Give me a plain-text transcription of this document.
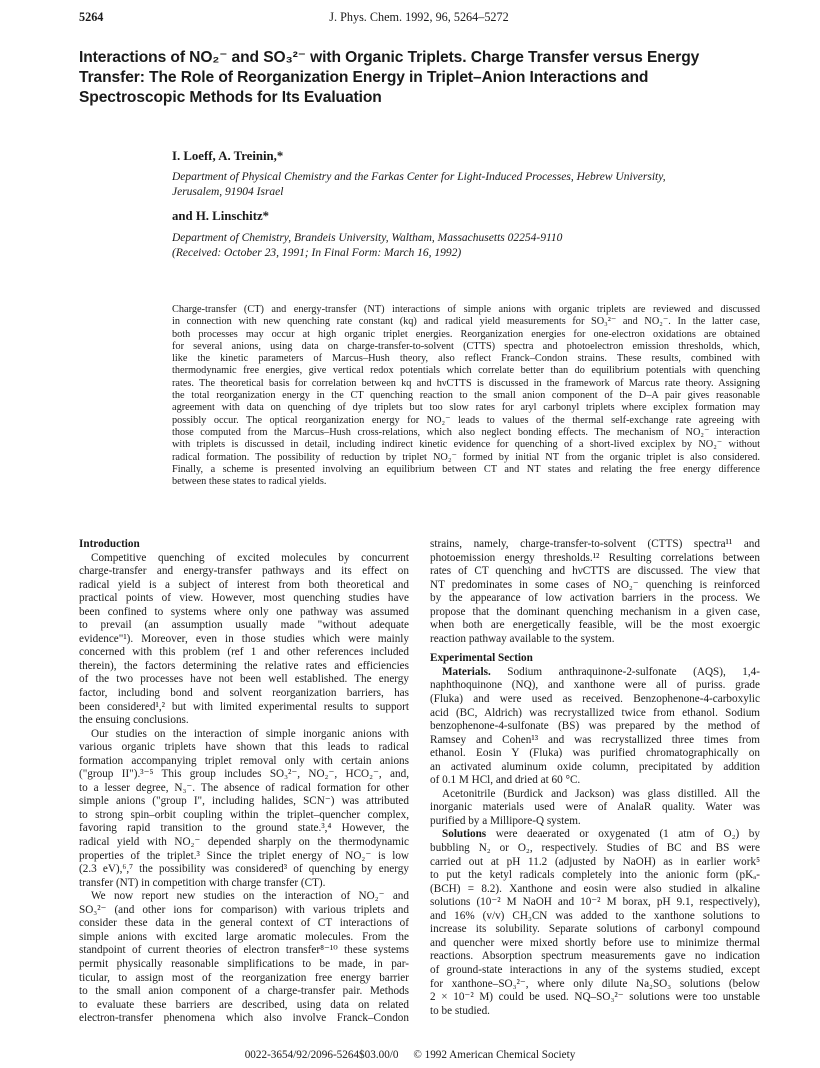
5264	J. Phys. Chem. 1992, 96, 5264–5272
Interactions of NO₂⁻ and SO₃²⁻ with Organic Triplets. Charge Transfer versus Energy
Transfer: The Role of Reorganization Energy in Triplet–Anion Interactions and
Spectroscopic Methods for Its Evaluation
I. Loeff, A. Treinin,*
Department of Physical Chemistry and the Farkas Center for Light-Induced Processes, Hebrew University,
Jerusalem, 91904 Israel
and H. Linschitz*
Department of Chemistry, Brandeis University, Waltham, Massachusetts 02254-9110
(Received: October 23, 1991; In Final Form: March 16, 1992)
Charge-transfer (CT) and energy-transfer (NT) interactions of simple anions with organic triplets are reviewed and discussed
in connection with new quenching rate constant (kq) and radical yield measurements for SO₃²⁻ and NO₂⁻. In the latter case,
both processes may occur at high organic triplet energies. Reorganization energies for one-electron oxidations are obtained
for several anions, using data on charge-transfer-to-solvent (CTTS) spectra and photoelectron emission thresholds, which,
like the kinetic parameters of Marcus–Hush theory, also reflect Franck–Condon strains. These results, combined with
thermodynamic free energies, give vertical redox potentials which correlate better than do equilibrium potentials with quenching
rates. The theoretical basis for correlation between kq and hνCTTS is discussed in the framework of Marcus rate theory. Assigning
the total reorganization energy in the CT quenching reaction to the small anion component of the D–A pair gives reasonable
agreement with data on quenching of dye triplets but too slow rates for aryl carbonyl triplets where exciplex formation may
possibly occur. The optical reorganization energy for NO₂⁻ leads to values of the thermal self-exchange rate agreeing with
those computed from the Marcus–Hush cross-relations, which also neglect bonding effects. The mechanism of NO₂⁻ interaction
with triplets is discussed in detail, including indirect kinetic evidence for quenching of a short-lived exciplex by NO₂⁻ without
radical formation. The possibility of reduction by triplet NO₂⁻ formed by initial NT from the organic triplet is also considered.
Finally, a scheme is presented involving an equilibrium between CT and NT states and relating the free energy difference
between these states to radical yields.
Introduction
Competitive quenching of excited molecules by concurrent
charge-transfer and energy-transfer pathways and its effect on
radical yield is a subject of interest from both theoretical and
practical points of view. However, most quenching studies have
been confined to systems where only one pathway was assumed
to prevail (an assumption usually made "without adequate
evidence"¹). Moreover, even in those studies which were mainly
concerned with this problem (ref 1 and other references included
therein), the factors determining the relative rates and efficiencies
of the two processes have not been well established. The energy
factor, including bond and solvent reorganization barriers, has
been considered¹,² but with limited experimental results to support
the ensuing conclusions.
Our studies on the interaction of simple inorganic anions with
various organic triplets have shown that this leads to radical
formation accompanying triplet removal only with certain anions
("group II").³⁻⁵ This group includes SO₃²⁻, NO₂⁻, HCO₂⁻, and,
to a lesser degree, N₃⁻. The absence of radical formation for other
simple anions ("group I", including halides, SCN⁻) was attributed
to strong spin–orbit coupling within the triplet–quencher complex,
favoring rapid transition to the ground state.³,⁴ However, the
radical yield with NO₂⁻ depended sharply on the thermodynamic
properties of the triplet.³ Since the triplet energy of NO₂⁻ is low
(2.3 eV),⁶,⁷ the possibility was considered³ of quenching by energy
transfer (NT) in competition with charge transfer (CT).
We now report new studies on the interaction of NO₂⁻ and
SO₃²⁻ (and other ions for comparison) with various triplets and
consider these data in the general context of CT interactions of
simple anions with excited large aromatic molecules. From the
standpoint of current theories of electron transfer⁸⁻¹⁰ these systems
permit physically reasonable simplifications to be made, in par-
ticular, to assign most of the reorganization free energy barrier
to the small anion component of a charge-transfer pair. Methods
to evaluate these barriers are described, using data on related
electron-transfer phenomena which also involve Franck–Condon
strains, namely, charge-transfer-to-solvent (CTTS) spectra¹¹ and
photoemission energy thresholds.¹² Resulting correlations between
rates of CT quenching and hνCTTS are discussed. The view that
NT predominates in some cases of NO₂⁻ quenching is reinforced
by the appearance of low activation barriers in the process. We
propose that the dominant quenching mechanism in a given case,
when both are energetically feasible, will be the most exoergic
reaction pathway available to the system.
Experimental Section
Materials. Sodium anthraquinone-2-sulfonate (AQS), 1,4-
naphthoquinone (NQ), and xanthone were all of puriss. grade
(Fluka) and were used as received. Benzophenone-4-carboxylic
acid (BC, Aldrich) was recrystallized twice from ethanol. Sodium
benzophenone-4-sulfonate (BS) was prepared by the method of
Ramsey and Cohen¹³ and was recrystallized three times from
ethanol. Eosin Y (Fluka) was purified chromatographically on
an activated aluminum oxide column, precipitated by addition
of 0.1 M HCl, and dried at 60 °C.
Acetonitrile (Burdick and Jackson) was glass distilled. All the
inorganic materials used were of AnalaR quality. Water was
purified by a Millipore-Q system.
Solutions were deaerated or oxygenated (1 atm of O₂) by
bubbling N₂ or O₂, respectively. Studies of BC and BS were
carried out at pH 11.2 (adjusted by NaOH) as in earlier work⁵
to put the ketyl radicals completely into the anionic form (pKₐ-
(BCH) = 8.2). Xanthone and eosin were also studied in alkaline
solutions (10⁻² M NaOH and 10⁻² M borax, pH 9.1, respectively),
and 16% (v/v) CH₃CN was added to the xanthone solutions to
increase its solubility. Separate solutions of carbonyl compound
and quencher were mixed shortly before use to minimize thermal
reactions. Absorption spectrum measurements gave no indication
of ground-state interactions in any of the systems studied, except
for xanthone–SO₃²⁻, where only dilute Na₂SO₃ solutions (below
2 × 10⁻² M) could be used. NQ–SO₃²⁻ solutions were too unstable
to be studied.
0022-3654/92/2096-5264$03.00/0 © 1992 American Chemical Society
